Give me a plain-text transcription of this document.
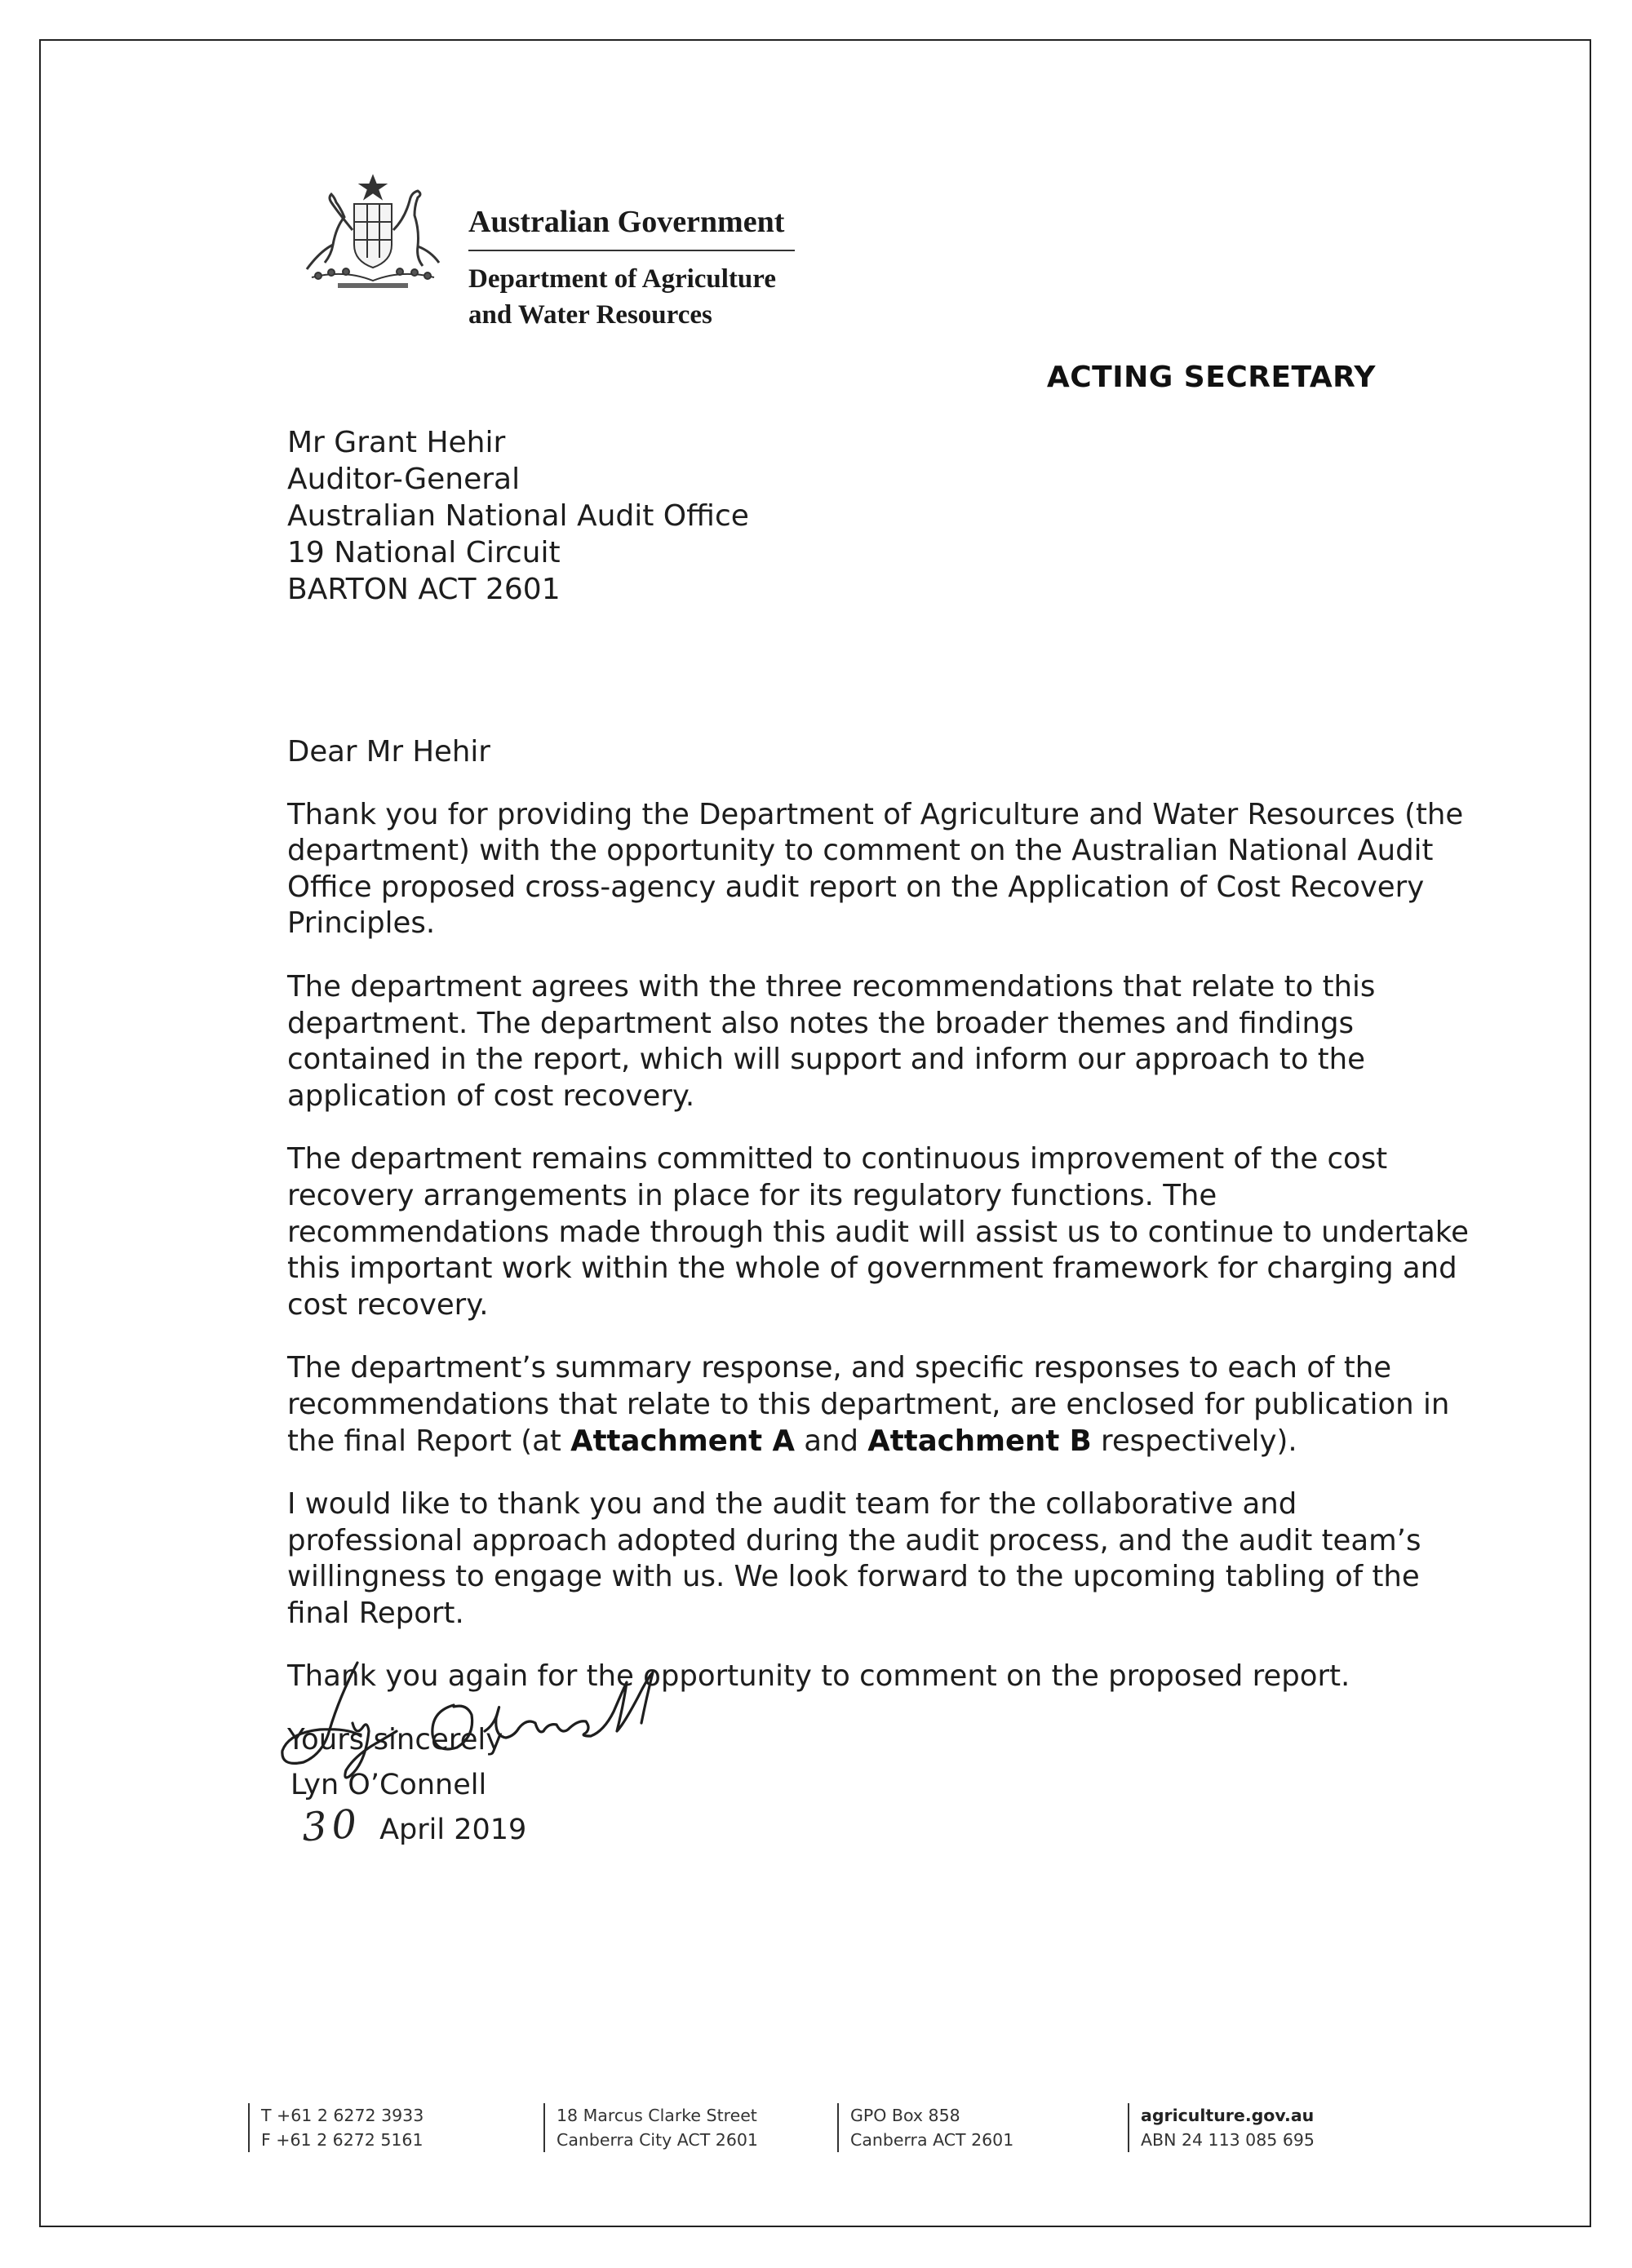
Australian Government
Department of Agriculture
and Water Resources
ACTING SECRETARY
Mr Grant Hehir
Auditor-General
Australian National Audit Office
19 National Circuit
BARTON ACT 2601

Dear Mr Hehir

Thank you for providing the Department of Agriculture and Water Resources (the department) with the opportunity to comment on the Australian National Audit Office proposed cross-agency audit report on the Application of Cost Recovery Principles.

The department agrees with the three recommendations that relate to this department. The department also notes the broader themes and findings contained in the report, which will support and inform our approach to the application of cost recovery.

The department remains committed to continuous improvement of the cost recovery arrangements in place for its regulatory functions. The recommendations made through this audit will assist us to continue to undertake this important work within the whole of government framework for charging and cost recovery.

The department’s summary response, and specific responses to each of the recommendations that relate to this department, are enclosed for publication in the final Report (at Attachment A and Attachment B respectively).

I would like to thank you and the audit team for the collaborative and professional approach adopted during the audit process, and the audit team’s willingness to engage with us. We look forward to the upcoming tabling of the final Report.

Thank you again for the opportunity to comment on the proposed report.

Yours sincerely

Lyn O’Connell
30 April 2019
T +61 2 6272 3933
F +61 2 6272 5161
18 Marcus Clarke Street
Canberra City ACT 2601
GPO Box 858
Canberra ACT 2601
agriculture.gov.au
ABN 24 113 085 695
